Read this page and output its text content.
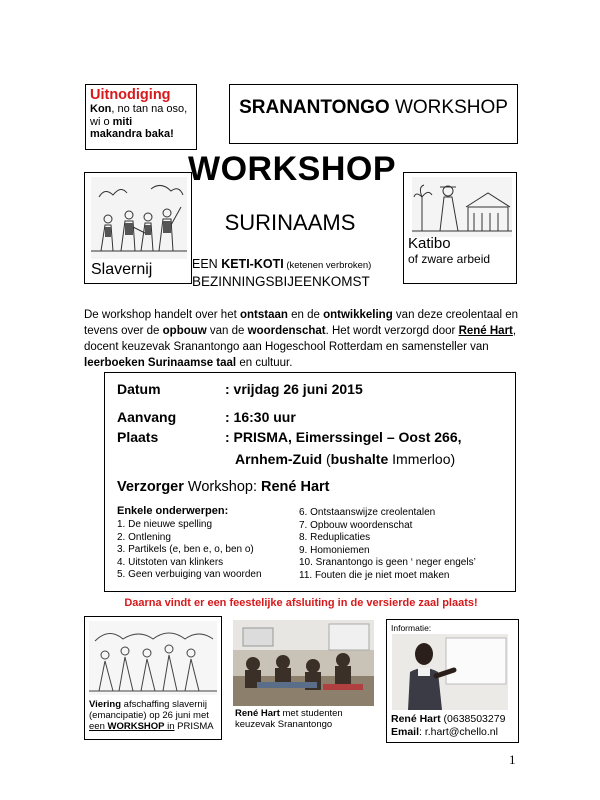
Uitnodiging
Kon, no tan na oso,
wi o miti
makandra baka!
SRANANTONGO WORKSHOP
Slavernij
Katibo
of zware arbeid
WORKSHOP
SURINAAMS
EEN KETI-KOTI (ketenen verbroken)
BEZINNINGSBIJEENKOMST
De workshop handelt over het ontstaan en de ontwikkeling van deze creolentaal en tevens over de opbouw van de woordenschat. Het wordt verzorgd door René Hart, docent keuzevak Sranantongo aan Hogeschool Rotterdam en samensteller van leerboeken Surinaamse taal en cultuur.
Datum	: vrijdag 26 juni 2015
Aanvang	: 16:30 uur
Plaats	: PRISMA, Eimerssingel – Oost 266,
Arnhem-Zuid (bushalte Immerloo)
Verzorger Workshop: René Hart
Enkele onderwerpen:
1. De nieuwe spelling
2. Ontlening
3. Partikels (e, ben e, o, ben o)
4. Uitstoten van klinkers
5. Geen verbuiging van woorden
6. Ontstaanswijze creolentalen
7. Opbouw woordenschat
8. Reduplicaties
9. Homoniemen
10. Sranantongo is geen ‘ neger engels’
11. Fouten die je niet moet maken
Daarna vindt er een feestelijke afsluiting in de versierde zaal plaats!
Viering afschaffing slavernij
(emancipatie) op 26 juni met
een WORKSHOP in PRISMA
René Hart met studenten
keuzevak Sranantongo
Informatie:
René Hart (0638503279
Email: r.hart@chello.nl
1
